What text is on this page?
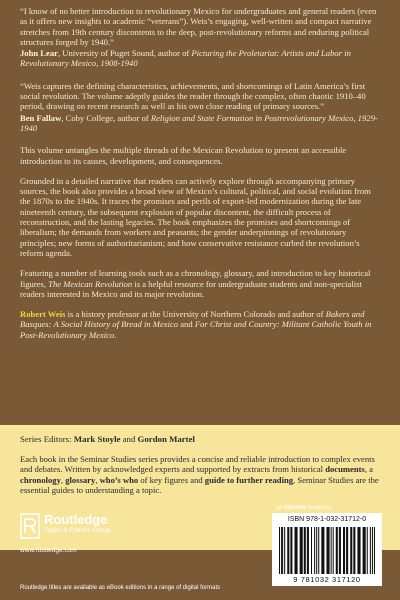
“I know of no better introduction to revolutionary Mexico for undergraduates and general readers (even as it offers new insights to academic “veterans”). Weis’s engaging, well-written and compact narrative stretches from 19th century discontents to the deep, post-revolutionary reforms and enduring political structures forged by 1940.”

John Lear, University of Puget Sound, author of Picturing the Proletariat: Artists and Labor in Revolutionary Mexico, 1908-1940

“Weis captures the defining characteristics, achievements, and shortcomings of Latin America’s first social revolution. The volume adeptly guides the reader through the complex, often chaotic 1910–40 period, drawing on recent research as well as his own close reading of primary sources.”

Ben Fallaw, Coby College, author of Religion and State Formation in Postrevolutionary Mexico, 1929-1940

This volume untangles the multiple threads of the Mexican Revolution to present an accessible introduction to its causes, development, and consequences.

Grounded in a detailed narrative that readers can actively explore through accompanying primary sources, the book also provides a broad view of Mexico’s cultural, political, and social evolution from the 1870s to the 1940s. It traces the promises and perils of export-led modernization during the late nineteenth century, the subsequent explosion of popular discontent, the difficult process of reconstruction, and the lasting legacies. The book emphasizes the promises and shortcomings of liberalism; the demands from workers and peasants; the gender underpinnings of revolutionary principles; new forms of authoritarianism; and how conservative resistance curbed the revolution’s reform agenda.

Featuring a number of learning tools such as a chronology, glossary, and introduction to key historical figures, The Mexican Revolution is a helpful resource for undergraduate students and non-specialist readers interested in Mexico and its major revolution.

Robert Weis is a history professor at the University of Northern Colorado and author of Bakers and Basques: A Social History of Bread in Mexico and For Christ and Country: Militant Catholic Youth in Post-Revolutionary Mexico.

Series Editors: Mark Stoyle and Gordon Martel

Each book in the Seminar Studies series provides a concise and reliable introduction to complex events and debates. Written by acknowledged experts and supported by extracts from historical documents, a chronology, glossary, who’s who of key figures and guide to further reading, Seminar Studies are the essential guides to understanding a topic.

Routledge
Taylor & Francis Group
www.routledge.com
Routledge titles are available as eBook editions in a range of digital formats
an informa business
ISBN 978-1-032-31712-0
9 781032 317120
